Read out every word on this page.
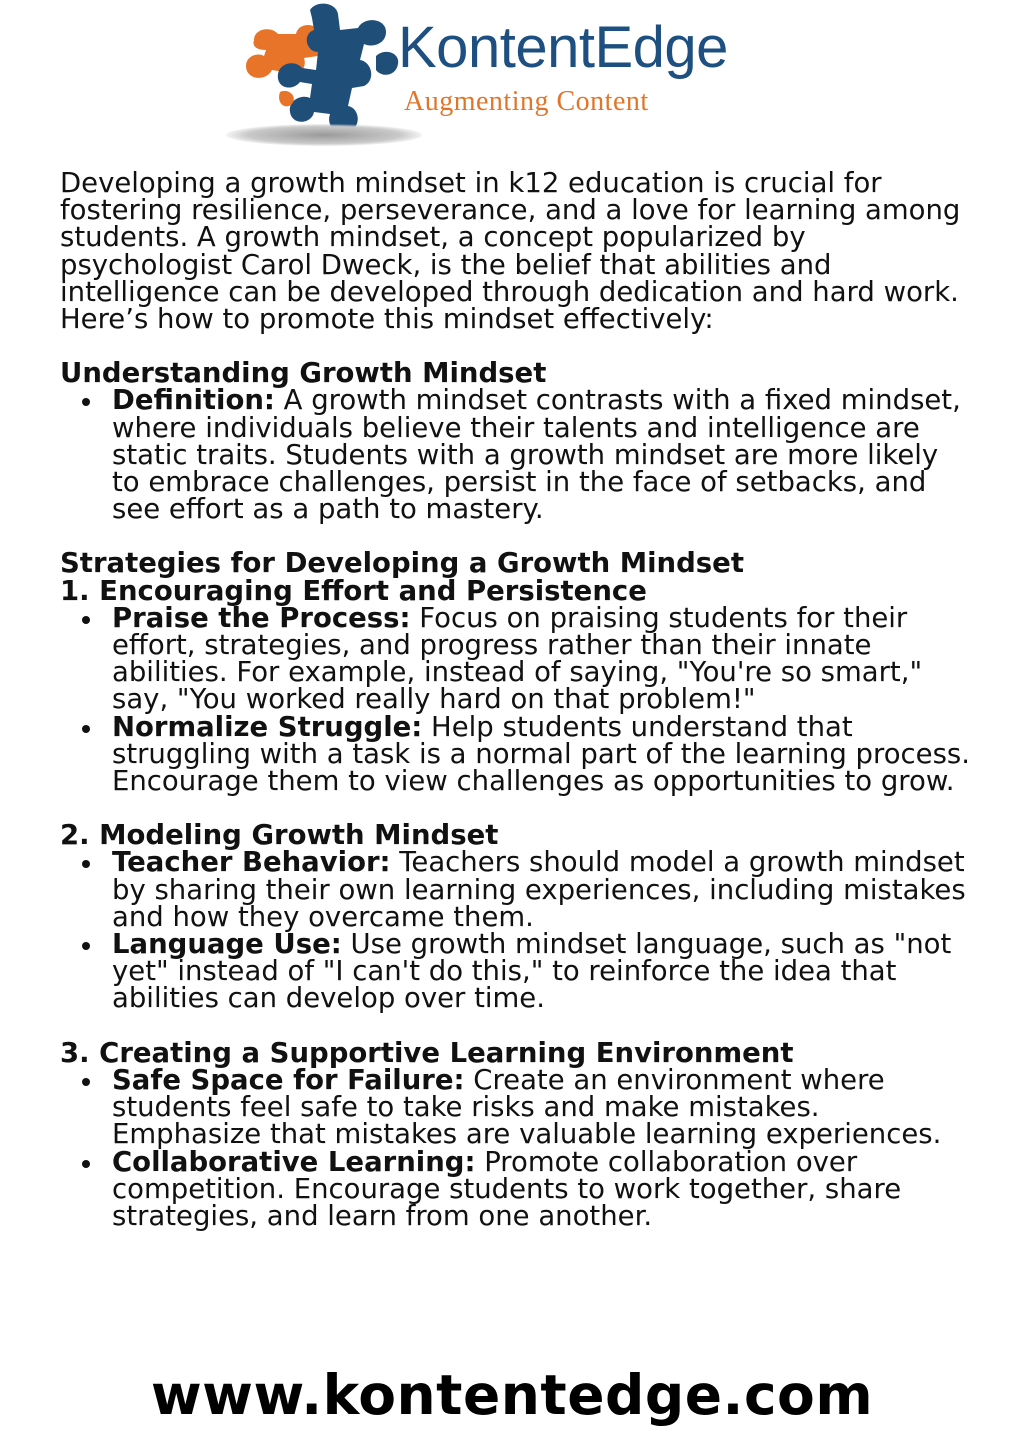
KontentEdge
Augmenting Content

Developing a growth mindset in k12 education is crucial for fostering resilience, perseverance, and a love for learning among students. A growth mindset, a concept popularized by psychologist Carol Dweck, is the belief that abilities and intelligence can be developed through dedication and hard work. Here’s how to promote this mindset effectively:

Understanding Growth Mindset

Definition: A growth mindset contrasts with a fixed mindset, where individuals believe their talents and intelligence are static traits. Students with a growth mindset are more likely to embrace challenges, persist in the face of setbacks, and see effort as a path to mastery.

Strategies for Developing a Growth Mindset

1. Encouraging Effort and Persistence

Praise the Process: Focus on praising students for their effort, strategies, and progress rather than their innate abilities. For example, instead of saying, "You're so smart," say, "You worked really hard on that problem!"
Normalize Struggle: Help students understand that struggling with a task is a normal part of the learning process. Encourage them to view challenges as opportunities to grow.

2. Modeling Growth Mindset

Teacher Behavior: Teachers should model a growth mindset by sharing their own learning experiences, including mistakes and how they overcame them.
Language Use: Use growth mindset language, such as "not yet" instead of "I can't do this," to reinforce the idea that abilities can develop over time.

3. Creating a Supportive Learning Environment

Safe Space for Failure: Create an environment where students feel safe to take risks and make mistakes. Emphasize that mistakes are valuable learning experiences.
Collaborative Learning: Promote collaboration over competition. Encourage students to work together, share strategies, and learn from one another.
www.kontentedge.com
